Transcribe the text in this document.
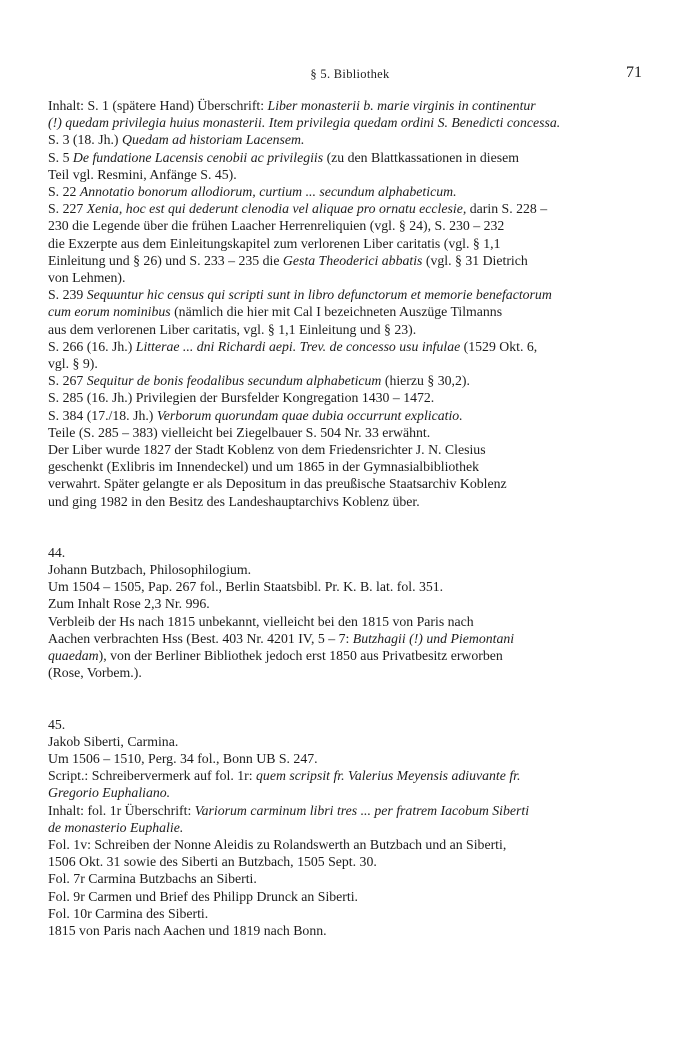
§ 5. Bibliothek	71

Inhalt: S. 1 (spätere Hand) Überschrift: Liber monasterii b. marie virginis in continentur

(!) quedam privilegia huius monasterii. Item privilegia quedam ordini S. Benedicti concessa.

S. 3 (18. Jh.) Quedam ad historiam Lacensem.

S. 5 De fundatione Lacensis cenobii ac privilegiis (zu den Blattkassationen in diesem

Teil vgl. Resmini, Anfänge S. 45).

S. 22 Annotatio bonorum allodiorum, curtium ... secundum alphabeticum.

S. 227 Xenia, hoc est qui dederunt clenodia vel aliquae pro ornatu ecclesie, darin S. 228 –

230 die Legende über die frühen Laacher Herrenreliquien (vgl. § 24), S. 230 – 232

die Exzerpte aus dem Einleitungskapitel zum verlorenen Liber caritatis (vgl. § 1,1

Einleitung und § 26) und S. 233 – 235 die Gesta Theoderici abbatis (vgl. § 31 Dietrich

von Lehmen).

S. 239 Sequuntur hic census qui scripti sunt in libro defunctorum et memorie benefactorum

cum eorum nominibus (nämlich die hier mit Cal I bezeichneten Auszüge Tilmanns

aus dem verlorenen Liber caritatis, vgl. § 1,1 Einleitung und § 23).

S. 266 (16. Jh.) Litterae ... dni Richardi aepi. Trev. de concesso usu infulae (1529 Okt. 6,

vgl. § 9).

S. 267 Sequitur de bonis feodalibus secundum alphabeticum (hierzu § 30,2).

S. 285 (16. Jh.) Privilegien der Bursfelder Kongregation 1430 – 1472.

S. 384 (17./18. Jh.) Verborum quorundam quae dubia occurrunt explicatio.

Teile (S. 285 – 383) vielleicht bei Ziegelbauer S. 504 Nr. 33 erwähnt.

Der Liber wurde 1827 der Stadt Koblenz von dem Friedensrichter J. N. Clesius

geschenkt (Exlibris im Innendeckel) und um 1865 in der Gymnasialbibliothek

verwahrt. Später gelangte er als Depositum in das preußische Staatsarchiv Koblenz

und ging 1982 in den Besitz des Landeshauptarchivs Koblenz über.

44.

Johann Butzbach, Philosophilogium.

Um 1504 – 1505, Pap. 267 fol., Berlin Staatsbibl. Pr. K. B. lat. fol. 351.

Zum Inhalt Rose 2,3 Nr. 996.

Verbleib der Hs nach 1815 unbekannt, vielleicht bei den 1815 von Paris nach

Aachen verbrachten Hss (Best. 403 Nr. 4201 IV, 5 – 7: Butzhagii (!) und Piemontani

quaedam), von der Berliner Bibliothek jedoch erst 1850 aus Privatbesitz erworben

(Rose, Vorbem.).

45.

Jakob Siberti, Carmina.

Um 1506 – 1510, Perg. 34 fol., Bonn UB S. 247.

Script.: Schreibervermerk auf fol. 1r: quem scripsit fr. Valerius Meyensis adiuvante fr.

Gregorio Euphaliano.

Inhalt: fol. 1r Überschrift: Variorum carminum libri tres ... per fratrem Iacobum Siberti

de monasterio Euphalie.

Fol. 1v: Schreiben der Nonne Aleidis zu Rolandswerth an Butzbach und an Siberti,

1506 Okt. 31 sowie des Siberti an Butzbach, 1505 Sept. 30.

Fol. 7r Carmina Butzbachs an Siberti.

Fol. 9r Carmen und Brief des Philipp Drunck an Siberti.

Fol. 10r Carmina des Siberti.

1815 von Paris nach Aachen und 1819 nach Bonn.
